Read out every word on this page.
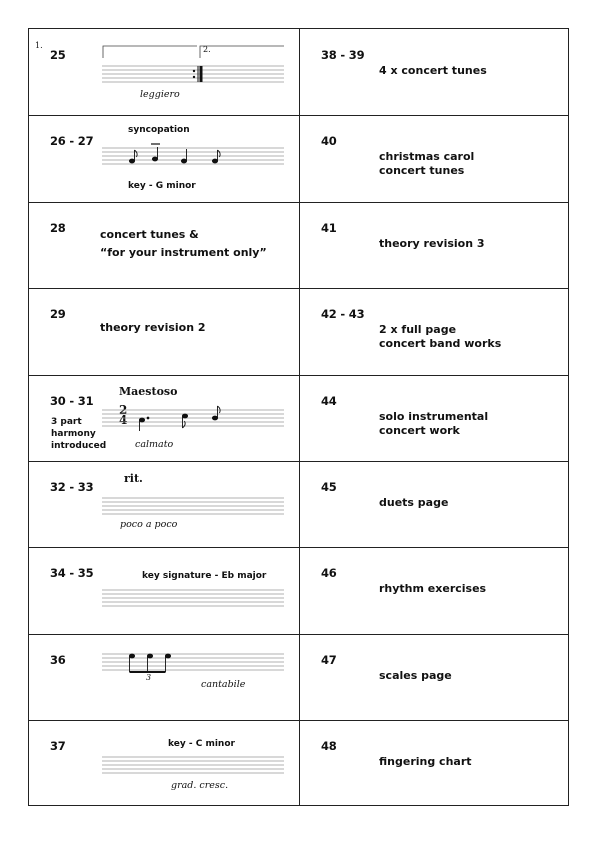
25
1.
leggiero
26 - 27
syncopation
key - G minor
28	concert tunes &
“for your instrument only”
29
theory revision 2
30 - 31
Maestoso
3 part
harmony
introduced
2
4
calmato
32 - 33
rit.
poco a poco
34 - 35	key signature - Eb major
36
3
cantabile
37	key - C minor
grad. cresc.
38 - 39
4 x concert tunes
40
christmas carol
concert tunes
41
theory revision 3
42 - 43
2 x full page
concert band works
44
solo instrumental
concert work
45
duets page
46
rhythm exercises
47
scales page
48
fingering chart
2.
